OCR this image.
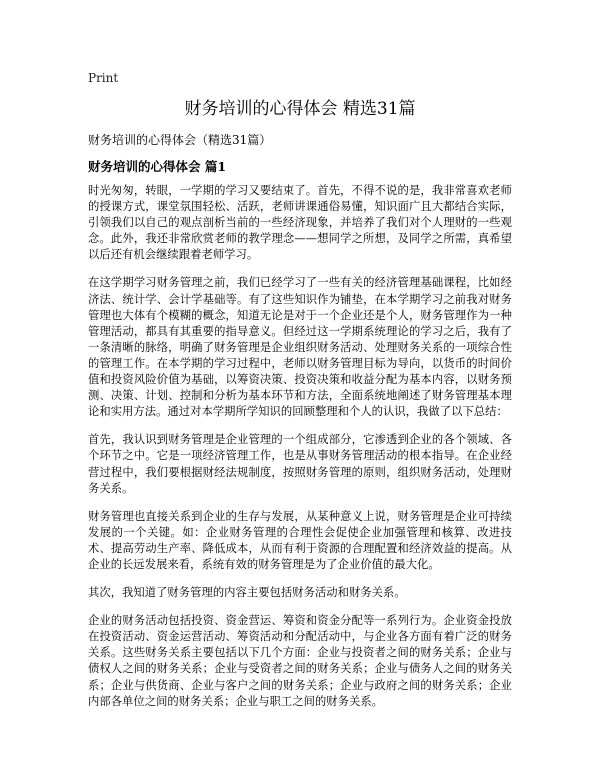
Print
财务培训的心得体会 精选31篇

财务培训的心得体会（精选31篇）

财务培训的心得体会 篇1

时光匆匆，转眼，一学期的学习又要结束了。首先，不得不说的是，我非常喜欢老师的授课方式，课堂氛围轻松、活跃，老师讲课通俗易懂，知识面广且大都结合实际，引领我们以自己的观点剖析当前的一些经济现象，并培养了我们对个人理财的一些观念。此外，我还非常欣赏老师的教学理念——想同学之所想，及同学之所需，真希望以后还有机会继续跟着老师学习。

在这学期学习财务管理之前，我们已经学习了一些有关的经济管理基础课程，比如经济法、统计学、会计学基础等。有了这些知识作为铺垫，在本学期学习之前我对财务管理也大体有个模糊的概念，知道无论是对于一个企业还是个人，财务管理作为一种管理活动，都具有其重要的指导意义。但经过这一学期系统理论的学习之后，我有了一条清晰的脉络，明确了财务管理是企业组织财务活动、处理财务关系的一项综合性的管理工作。在本学期的学习过程中，老师以财务管理目标为导向，以货币的时间价值和投资风险价值为基础，以筹资决策、投资决策和收益分配为基本内容，以财务预测、决策、计划、控制和分析为基本环节和方法，全面系统地阐述了财务管理基本理论和实用方法。通过对本学期所学知识的回顾整理和个人的认识，我做了以下总结：

首先，我认识到财务管理是企业管理的一个组成部分，它渗透到企业的各个领域、各个环节之中。它是一项经济管理工作，也是从事财务管理活动的根本指导。在企业经营过程中，我们要根据财经法规制度，按照财务管理的原则，组织财务活动，处理财务关系。

财务管理也直接关系到企业的生存与发展，从某种意义上说，财务管理是企业可持续发展的一个关键。如：企业财务管理的合理性会促使企业加强管理和核算、改进技术、提高劳动生产率、降低成本，从而有利于资源的合理配置和经济效益的提高。从企业的长远发展来看，系统有效的财务管理是为了企业价值的最大化。

其次，我知道了财务管理的内容主要包括财务活动和财务关系。

企业的财务活动包括投资、资金营运、筹资和资金分配等一系列行为。企业资金投放在投资活动、资金运营活动、筹资活动和分配活动中，与企业各方面有着广泛的财务关系。这些财务关系主要包括以下几个方面：企业与投资者之间的财务关系；企业与债权人之间的财务关系；企业与受资者之间的财务关系；企业与债务人之间的财务关系；企业与供货商、企业与客户之间的财务关系；企业与政府之间的财务关系；企业内部各单位之间的财务关系；企业与职工之间的财务关系。
